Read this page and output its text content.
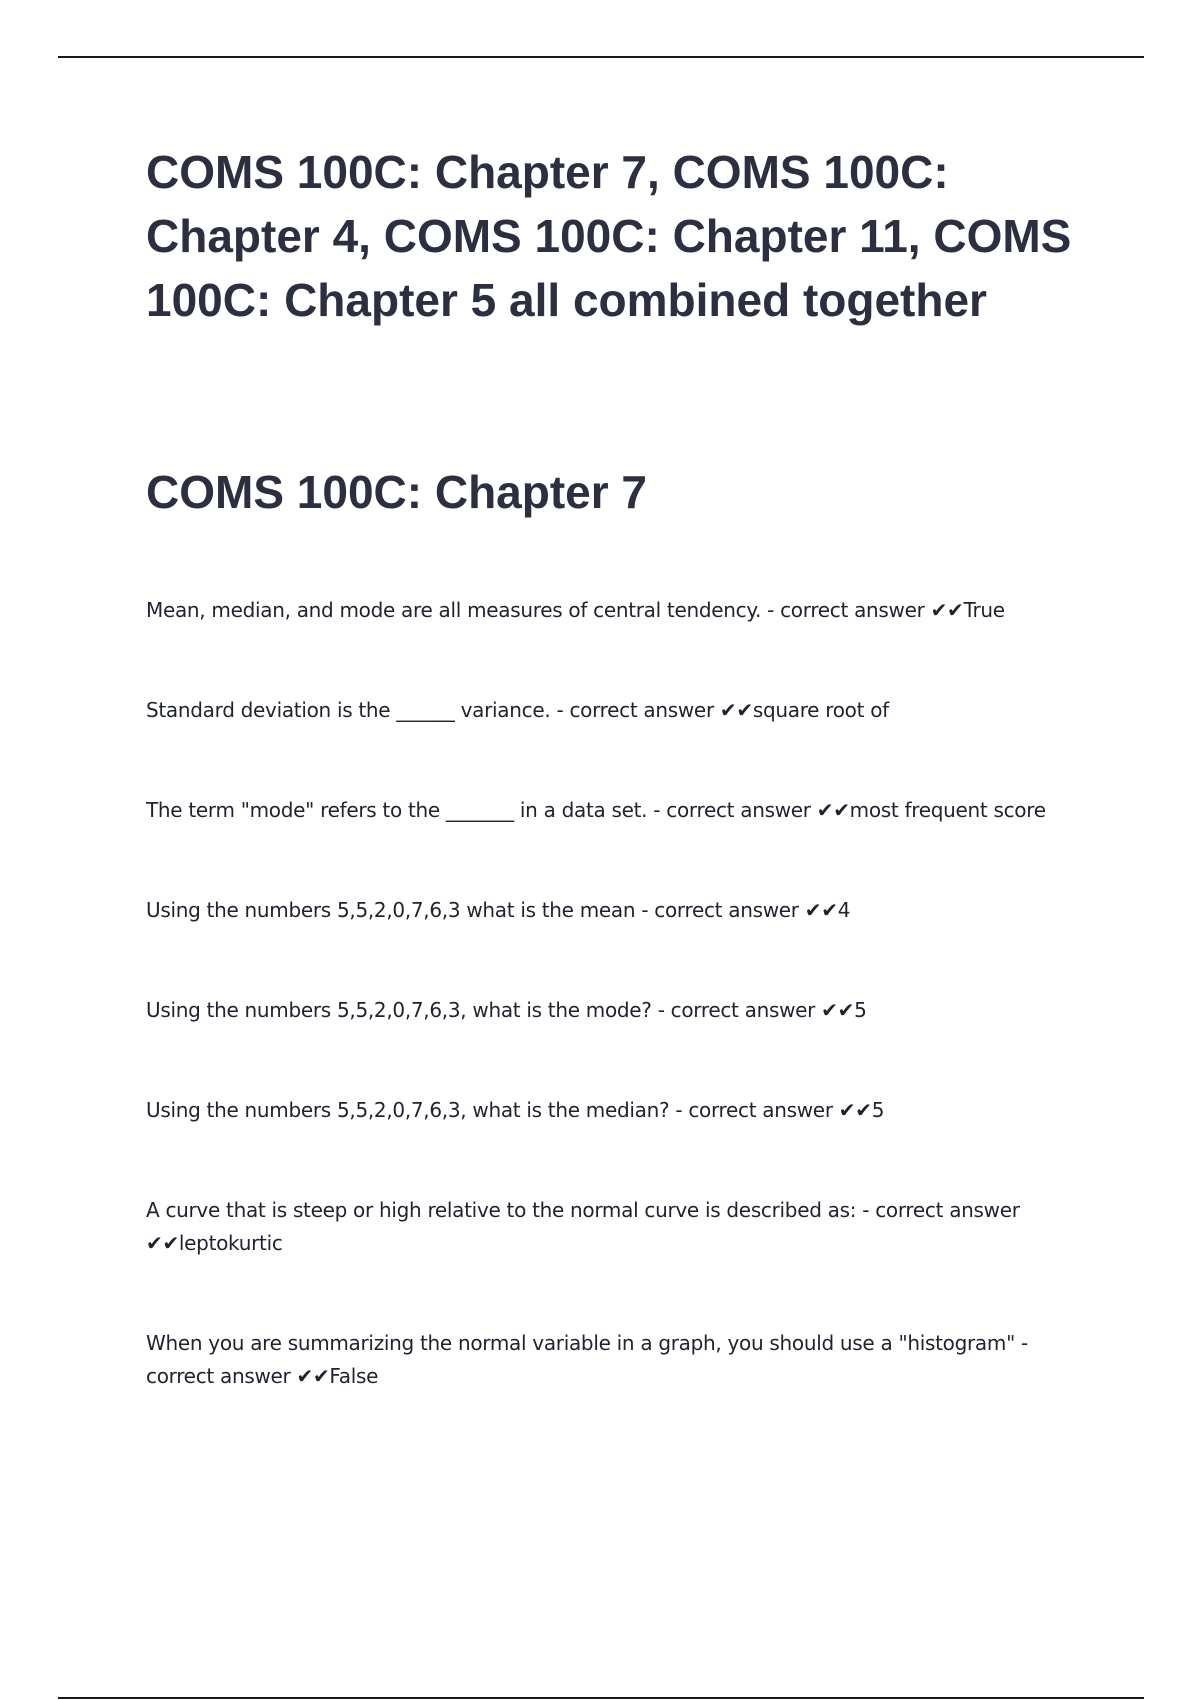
COMS 100C: Chapter 7, COMS 100C: Chapter 4, COMS 100C: Chapter 11, COMS 100C: Chapter 5 all combined together
COMS 100C: Chapter 7
Mean, median, and mode are all measures of central tendency. - correct answer ✔✔True
Standard deviation is the ______ variance. - correct answer ✔✔square root of
The term "mode" refers to the _______ in a data set. - correct answer ✔✔most frequent score
Using the numbers 5,5,2,0,7,6,3 what is the mean - correct answer ✔✔4
Using the numbers 5,5,2,0,7,6,3, what is the mode? - correct answer ✔✔5
Using the numbers 5,5,2,0,7,6,3, what is the median? - correct answer ✔✔5
A curve that is steep or high relative to the normal curve is described as: - correct answer ✔✔leptokurtic
When you are summarizing the normal variable in a graph, you should use a "histogram" - correct answer ✔✔False
